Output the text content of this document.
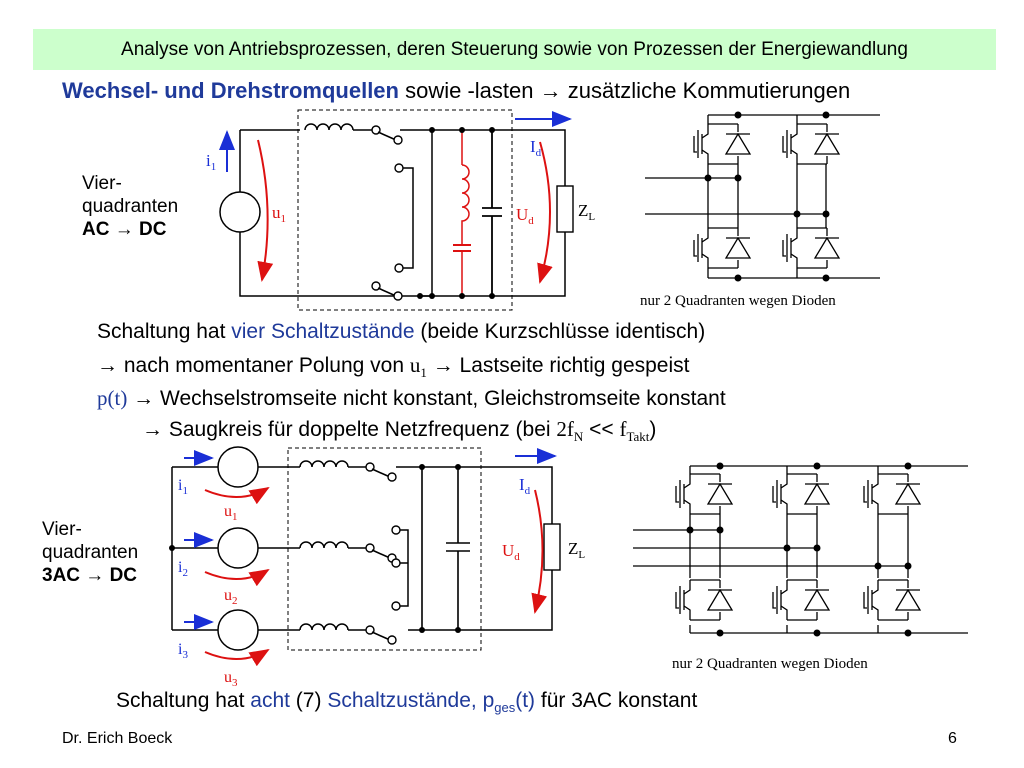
Analyse von Antriebsprozessen, deren Steuerung sowie von Prozessen der Energiewandlung
Wechsel- und Drehstromquellen sowie -lasten → zusätzliche Kommutierungen
Vier-
quadranten
AC → DC
Vier-
quadranten
3AC → DC
Schaltung hat vier Schaltzustände (beide Kurzschlüsse identisch)
→ nach momentaner Polung von $u_1$ → Lastseite richtig gespeist
p(t) → Wechselstromseite nicht konstant, Gleichstromseite konstant
→ Saugkreis für doppelte Netzfrequenz (bei $2f_N << f_{Takt}$)
Schaltung hat acht (7) Schaltzustände, $p_{ges}(t)$ für 3AC konstant
Dr. Erich Boeck	6
$i_1$
$u_1$
$I_d$
$U_d$
$Z_L$
nur 2 Quadranten wegen Dioden
$i_1$
$i_2$
$i_3$
$u_1$
$u_2$
$u_3$
$I_d$
$U_d$	$Z_L$
nur 2 Quadranten wegen Dioden
